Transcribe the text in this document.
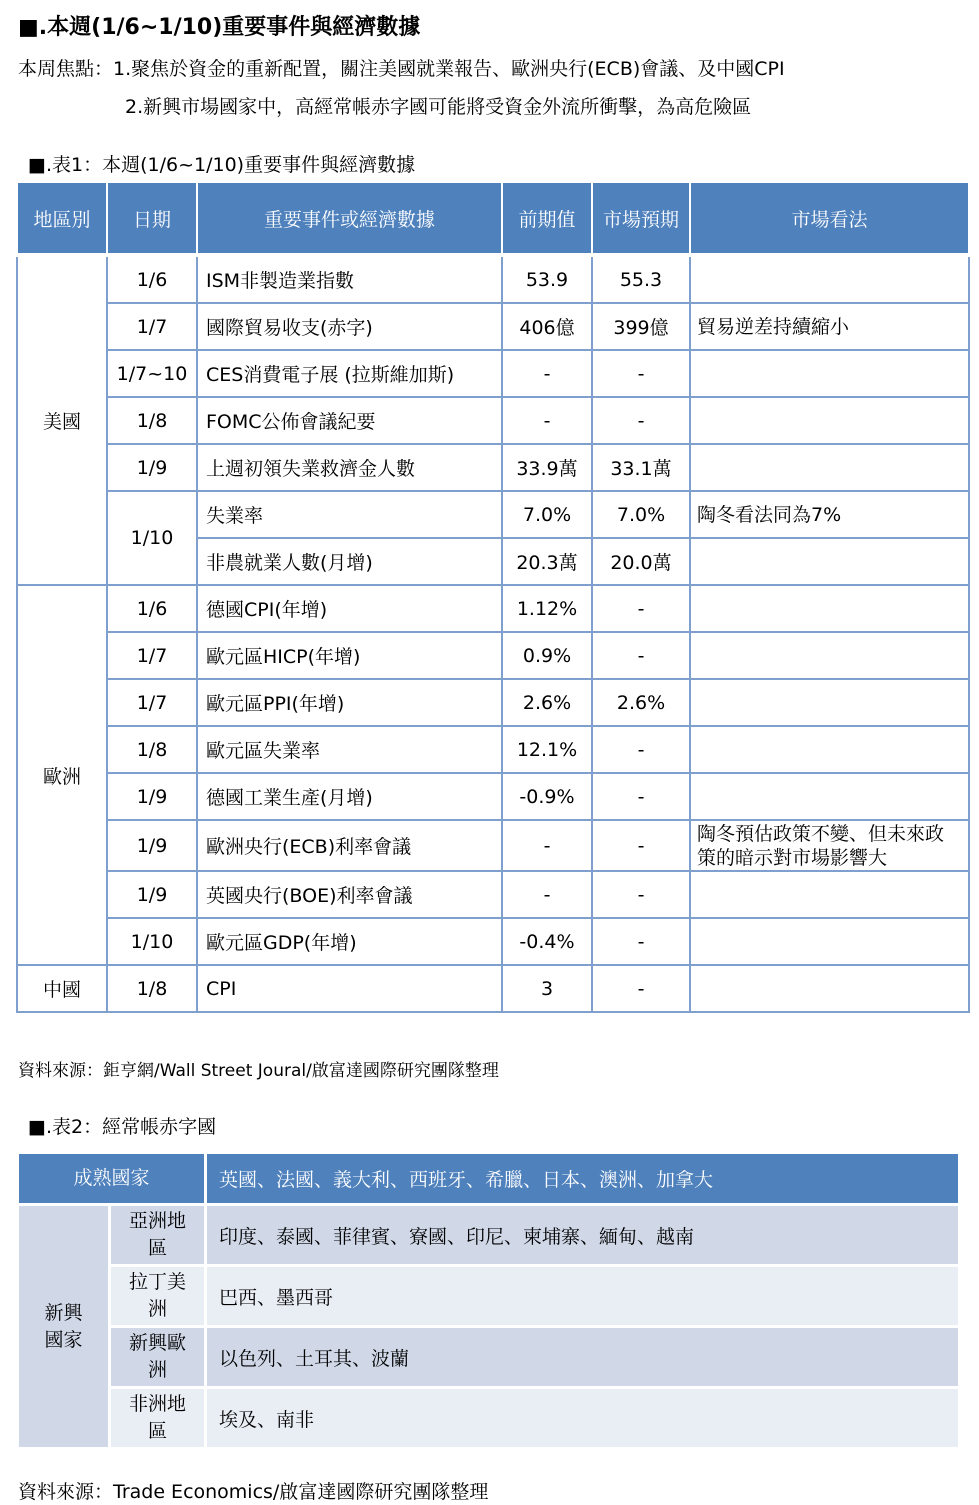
■.本週(1/6~1/10)重要事件與經濟數據
本周焦點：1.聚焦於資金的重新配置，關注美國就業報告、歐洲央行(ECB)會議、及中國CPI
2.新興市場國家中，高經常帳赤字國可能將受資金外流所衝擊，為高危險區
■.表1：本週(1/6~1/10)重要事件與經濟數據
地區別	日期	重要事件或經濟數據	前期值	市場預期	市場看法
美國	1/6	ISM非製造業指數	53.9	55.3	
	1/7	國際貿易收支(赤字)	406億	399億	貿易逆差持續縮小
	1/7~10	CES消費電子展 (拉斯維加斯)	-	-	
	1/8	FOMC公佈會議紀要	-	-	
	1/9	上週初領失業救濟金人數	33.9萬	33.1萬	
	1/10	失業率	7.0%	7.0%	陶冬看法同為7%
		非農就業人數(月增)	20.3萬	20.0萬	
歐洲	1/6	德國CPI(年增)	1.12%	-	
	1/7	歐元區HICP(年增)	0.9%	-	
	1/7	歐元區PPI(年增)	2.6%	2.6%	
	1/8	歐元區失業率	12.1%	-	
	1/9	德國工業生產(月增)	-0.9%	-	
	1/9	歐洲央行(ECB)利率會議	-	-	陶冬預估政策不變、但未來政策的暗示對市場影響大
	1/9	英國央行(BOE)利率會議	-	-	
	1/10	歐元區GDP(年增)	-0.4%	-	
中國	1/8	CPI	3	-	
資料來源：鉅亨網/Wall Street Joural/啟富達國際研究團隊整理
■.表2：經常帳赤字國
成熟國家		英國、法國、義大利、西班牙、希臘、日本、澳洲、加拿大

新興國家	亞洲地區	印度、泰國、菲律賓、寮國、印尼、柬埔寨、緬甸、越南

	拉丁美洲	巴西、墨西哥

	新興歐洲	以色列、土耳其、波蘭

	非洲地區	埃及、南非
資料來源：Trade Economics/啟富達國際研究團隊整理
